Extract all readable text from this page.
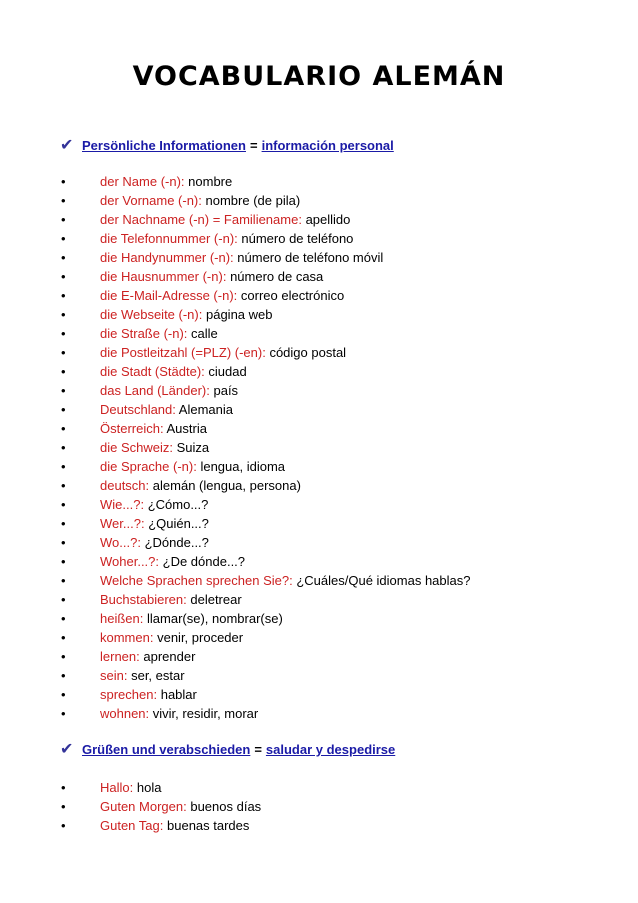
VOCABULARIO ALEMÁN
✔ Persönliche Informationen = información personal
•	der Name (-n): nombre
•	der Vorname (-n): nombre (de pila)
•	der Nachname (-n) = Familiename: apellido
•	die Telefonnummer (-n): número de teléfono
•	die Handynummer (-n): número de teléfono móvil
•	die Hausnummer (-n): número de casa
•	die E-Mail-Adresse (-n): correo electrónico
•	die Webseite (-n): página web
•	die Straße (-n): calle
•	die Postleitzahl (=PLZ) (-en): código postal
•	die Stadt (Städte): ciudad
•	das Land (Länder): país
•	Deutschland: Alemania
•	Österreich: Austria
•	die Schweiz: Suiza
•	die Sprache (-n): lengua, idioma
•	deutsch: alemán (lengua, persona)
•	Wie...?: ¿Cómo...?
•	Wer...?: ¿Quién...?
•	Wo...?: ¿Dónde...?
•	Woher...?: ¿De dónde...?
•	Welche Sprachen sprechen Sie?: ¿Cuáles/Qué idiomas hablas?
•	Buchstabieren: deletrear
•	heißen: llamar(se), nombrar(se)
•	kommen: venir, proceder
•	lernen: aprender
•	sein: ser, estar
•	sprechen: hablar
•	wohnen: vivir, residir, morar
✔ Grüßen und verabschieden = saludar y despedirse
•	Hallo: hola
•	Guten Morgen: buenos días
•	Guten Tag: buenas tardes
